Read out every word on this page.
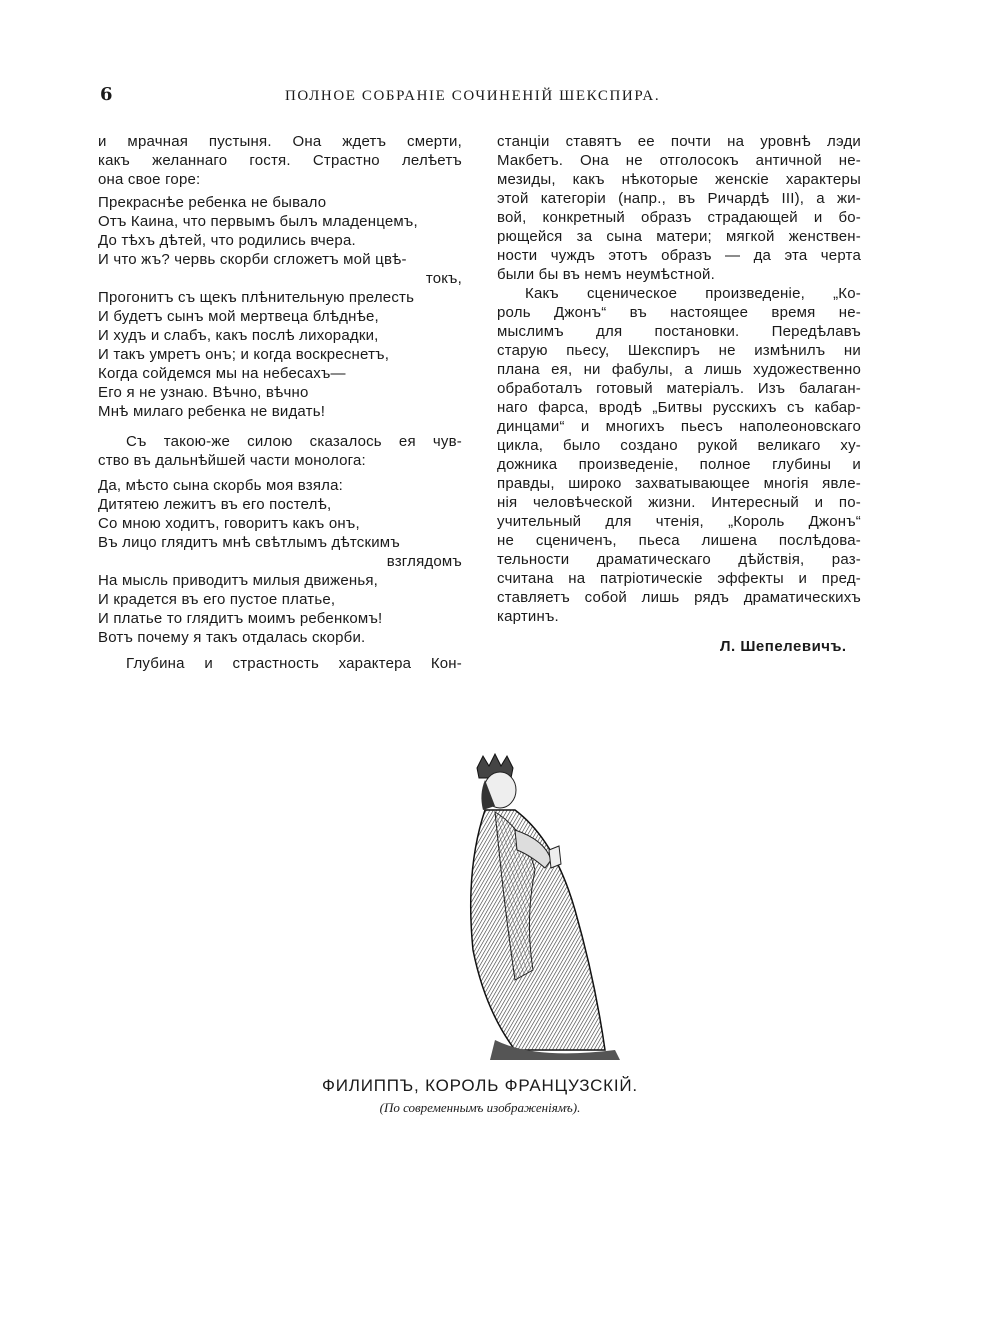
6	ПОЛНОЕ СОБРАНІЕ СОЧИНЕНІЙ ШЕКСПИРА.
и мрачная пустыня. Она ждетъ смерти,
какъ желаннаго гостя. Страстно лелѣетъ
она свое горе:
Прекраснѣе ребенка не бывало
Отъ Каина, что первымъ былъ младенцемъ,
До тѣхъ дѣтей, что родились вчера.
И что жъ? червь скорби сгложетъ мой цвѣ-
токъ,
Прогонитъ съ щекъ плѣнительную прелесть
И будетъ сынъ мой мертвеца блѣднѣе,
И худъ и слабъ, какъ послѣ лихорадки,
И такъ умретъ онъ; и когда воскреснетъ,
Когда сойдемся мы на небесахъ—
Его я не узнаю. Вѣчно, вѣчно
Мнѣ милаго ребенка не видать!
Съ такою-же силою сказалось ея чув-
ство въ дальнѣйшей части монолога:
Да, мѣсто сына скорбь моя взяла:
Дитятею лежитъ въ его постелѣ,
Со мною ходитъ, говоритъ какъ онъ,
Въ лицо глядитъ мнѣ свѣтлымъ дѣтскимъ
взглядомъ
На мысль приводитъ милыя движенья,
И крадется въ его пустое платье,
И платье то глядитъ моимъ ребенкомъ!
Вотъ почему я такъ отдалась скорби.
Глубина и страстность характера Кон-
станціи ставятъ ее почти на уровнѣ лэди
Макбетъ. Она не отголосокъ античной не-
мезиды, какъ нѣкоторые женскіе характеры
этой категоріи (напр., въ Ричардѣ III), а жи-
вой, конкретный образъ страдающей и бо-
рющейся за сына матери; мягкой женствен-
ности чуждъ этотъ образъ — да эта черта
были бы въ немъ неумѣстной.
Какъ сценическое произведеніе, „Ко-
роль Джонъ“ въ настоящее время не-
мыслимъ для постановки. Передѣлавъ
старую пьесу, Шекспиръ не измѣнилъ ни
плана ея, ни фабулы, а лишь художественно
обработалъ готовый матеріалъ. Изъ балаган-
наго фарса, вродѣ „Битвы русскихъ съ кабар-
динцами“ и многихъ пьесъ наполеоновскаго
цикла, было создано рукой великаго ху-
дожника произведеніе, полное глубины и
правды, широко захватывающее многія явле-
нія человѣческой жизни. Интересный и по-
учительный для чтенія, „Король Джонъ“
не сцениченъ, пьеса лишена послѣдова-
тельности драматическаго дѣйствія, раз-
считана на патріотическіе эффекты и пред-
ставляетъ собой лишь рядъ драматическихъ
картинъ.
Л. Шепелевичъ.
ФИЛИППЪ, КОРОЛЬ ФРАНЦУЗСКІЙ.
(По современнымъ изображеніямъ).
